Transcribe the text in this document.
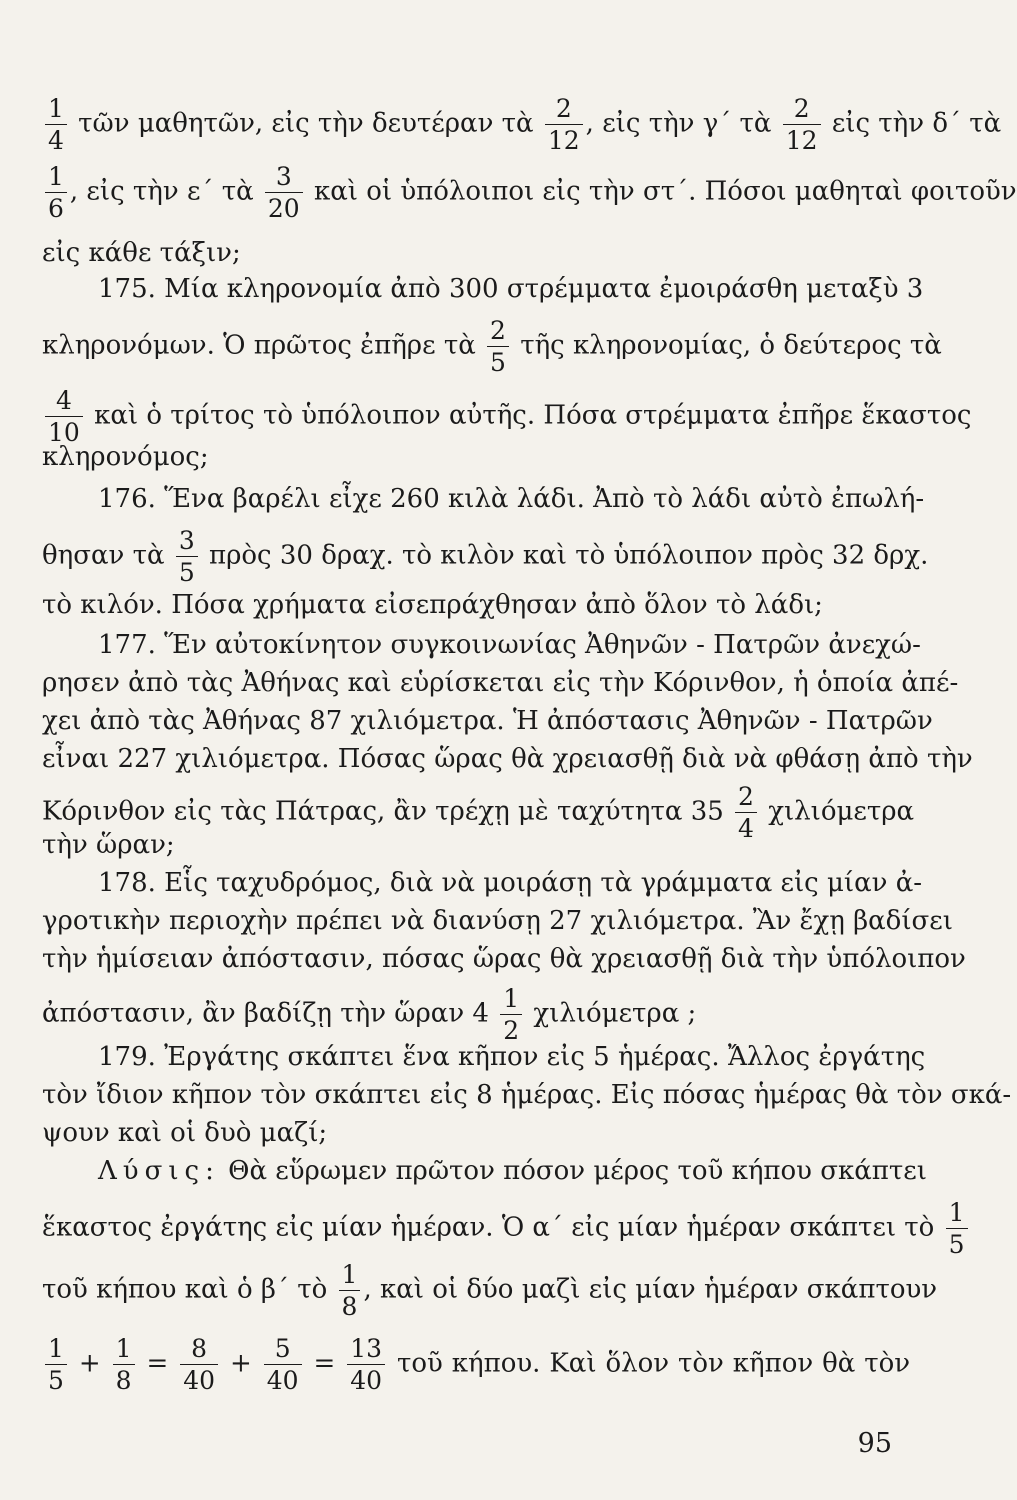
$\frac{1}{4}$ τῶν μαθητῶν, εἰς τὴν δευτέραν τὰ $\frac{2}{12}$ , εἰς τὴν γ΄ τὰ $\frac{2}{12}$ εἰς τὴν δ΄ τὰ
$\frac{1}{6}$ , εἰς τὴν ε΄ τὰ $\frac{3}{20}$ καὶ οἱ ὑπόλοιποι εἰς τὴν στ΄. Πόσοι μαθηταὶ φοιτοῦν
εἰς κάθε τάξιν;
175. Μία κληρονομία ἀπὸ 300 στρέμματα ἐμοιράσθη μεταξὺ 3
κληρονόμων. Ὁ πρῶτος ἐπῆρε τὰ $\frac{2}{5}$ τῆς κληρονομίας, ὁ δεύτερος τὰ
$\frac{4}{10}$ καὶ ὁ τρίτος τὸ ὑπόλοιπον αὐτῆς. Πόσα στρέμματα ἐπῆρε ἕκαστος
κληρονόμος;
176. Ἕνα βαρέλι εἶχε 260 κιλὰ λάδι. Ἀπὸ τὸ λάδι αὐτὸ ἐπωλή-
θησαν τὰ $\frac{3}{5}$ πρὸς 30 δραχ. τὸ κιλὸν καὶ τὸ ὑπόλοιπον πρὸς 32 δρχ.
τὸ κιλόν. Πόσα χρήματα εἰσεπράχθησαν ἀπὸ ὅλον τὸ λάδι;
177. Ἕν αὐτοκίνητον συγκοινωνίας Ἀθηνῶν - Πατρῶν ἀνεχώ-
ρησεν ἀπὸ τὰς Ἀθήνας καὶ εὑρίσκεται εἰς τὴν Κόρινθον, ἡ ὁποία ἀπέ-
χει ἀπὸ τὰς Ἀθήνας 87 χιλιόμετρα. Ἡ ἀπόστασις Ἀθηνῶν - Πατρῶν
εἶναι 227 χιλιόμετρα. Πόσας ὥρας θὰ χρειασθῇ διὰ νὰ φθάσῃ ἀπὸ τὴν
Κόρινθον εἰς τὰς Πάτρας, ἂν τρέχῃ μὲ ταχύτητα $35 \frac{2}{4}$ χιλιόμετρα
τὴν ὥραν;
178. Εἷς ταχυδρόμος, διὰ νὰ μοιράσῃ τὰ γράμματα εἰς μίαν ἀ-
γροτικὴν περιοχὴν πρέπει νὰ διανύσῃ 27 χιλιόμετρα. Ἂν ἔχῃ βαδίσει
τὴν ἡμίσειαν ἀπόστασιν, πόσας ὥρας θὰ χρειασθῇ διὰ τὴν ὑπόλοιπον
ἀπόστασιν, ἂν βαδίζῃ τὴν ὥραν $4 \frac{1}{2}$ χιλιόμετρα ;
179. Ἐργάτης σκάπτει ἕνα κῆπον εἰς 5 ἡμέρας. Ἄλλος ἐργάτης
τὸν ἴδιον κῆπον τὸν σκάπτει εἰς 8 ἡμέρας. Εἰς πόσας ἡμέρας θὰ τὸν σκά-
ψουν καὶ οἱ δυὸ μαζί;
Λύσις: Θὰ εὕρωμεν πρῶτον πόσον μέρος τοῦ κήπου σκάπτει
ἕκαστος ἐργάτης εἰς μίαν ἡμέραν. Ὁ α΄ εἰς μίαν ἡμέραν σκάπτει τὸ $\frac{1}{5}$
τοῦ κήπου καὶ ὁ β΄ τὸ $\frac{1}{8}$ , καὶ οἱ δύο μαζὶ εἰς μίαν ἡμέραν σκάπτουν
$\frac{1}{5} + \frac{1}{8} = \frac{8}{40} + \frac{5}{40} = \frac{13}{40}$ τοῦ κήπου. Καὶ ὅλον τὸν κῆπον θὰ τὸν
95
